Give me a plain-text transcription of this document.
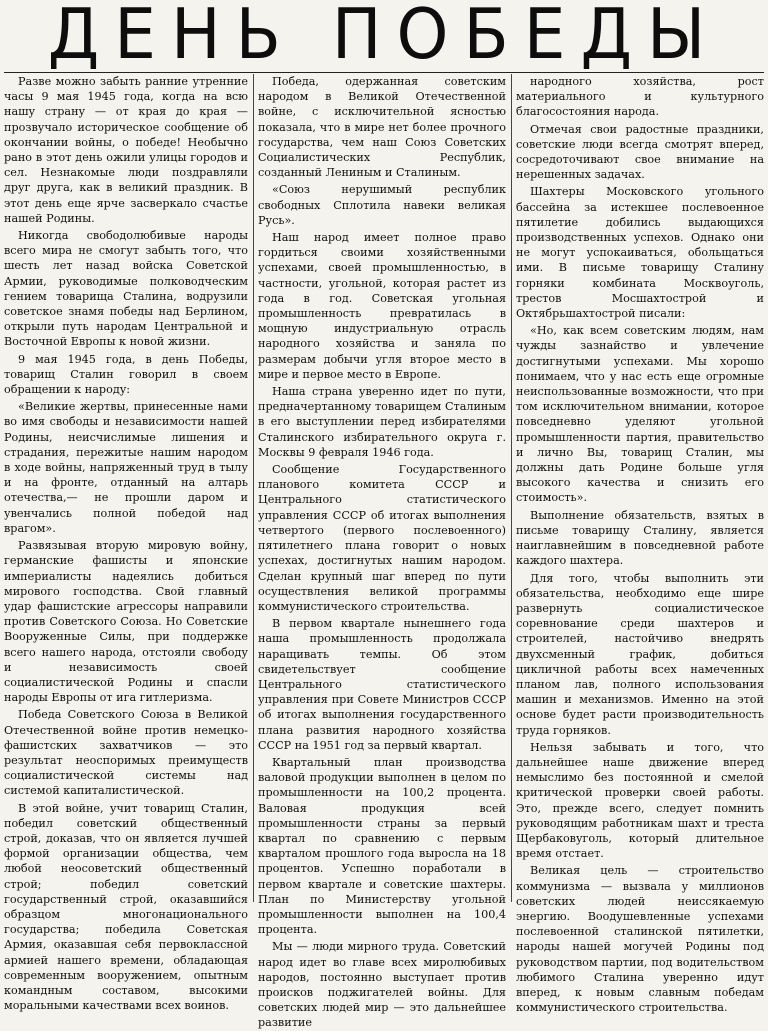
ДЕНЬ ПОБЕДЫ

Разве можно забыть ранние утренние часы 9 мая 1945 года, когда на всю нашу страну — от края до края — прозвучало историческое сообщение об окончании войны, о победе! Необычно рано в этот день ожили улицы городов и сел. Незнакомые люди поздравляли друг друга, как в великий праздник. В этот день еще ярче засверкало счастье нашей Родины.

Никогда свободолюбивые народы всего мира не смогут забыть того, что шесть лет назад войска Советской Армии, руководимые полководческим гением товарища Сталина, водрузили советское знамя победы над Берлином, открыли путь народам Центральной и Восточной Европы к новой жизни.

9 мая 1945 года, в день Победы, товарищ Сталин говорил в своем обращении к народу:

«Великие жертвы, принесенные нами во имя свободы и независимости нашей Родины, неисчислимые лишения и страдания, пережитые нашим народом в ходе войны, напряженный труд в тылу и на фронте, отданный на алтарь отечества,— не прошли даром и увенчались полной победой над врагом».

Развязывая вторую мировую войну, германские фашисты и японские империалисты надеялись добиться мирового господства. Свой главный удар фашистские агрессоры направили против Советского Союза. Но Советские Вооруженные Силы, при поддержке всего нашего народа, отстояли свободу и независимость своей социалистической Родины и спасли народы Европы от ига гитлеризма.

Победа Советского Союза в Великой Отечественной войне против немецко-фашистских захватчиков — это результат неоспоримых преимуществ социалистической системы над системой капиталистической.

В этой войне, учит товарищ Сталин, победил советский общественный строй, доказав, что он является лучшей формой организации общества, чем любой неосоветский общественный строй; победил советский государственный строй, оказавшийся образцом многонационального государства; победила Советская Армия, оказавшая себя первоклассной армией нашего времени, обладающая современным вооружением, опытным командным составом, высокими моральными качествами всех воинов.

Победа, одержанная советским народом в Великой Отечественной войне, с исключительной ясностью показала, что в мире нет более прочного государства, чем наш Союз Советских Социалистических Республик, созданный Лениным и Сталиным.

«Союз нерушимый республик свободных Сплотила навеки великая Русь».

Наш народ имеет полное право гордиться своими хозяйственными успехами, своей промышленностью, в частности, угольной, которая растет из года в год. Советская угольная промышленность превратилась в мощную индустриальную отрасль народного хозяйства и заняла по размерам добычи угля второе место в мире и первое место в Европе.

Наша страна уверенно идет по пути, предначертанному товарищем Сталиным в его выступлении перед избирателями Сталинского избирательного округа г. Москвы 9 февраля 1946 года.

Сообщение Государственного планового комитета СССР и Центрального статистического управления СССР об итогах выполнения четвертого (первого послевоенного) пятилетнего плана говорит о новых успехах, достигнутых нашим народом. Сделан крупный шаг вперед по пути осуществления великой программы коммунистического строительства.

В первом квартале нынешнего года наша промышленность продолжала наращивать темпы. Об этом свидетельствует сообщение Центрального статистического управления при Совете Министров СССР об итогах выполнения государственного плана развития народного хозяйства СССР на 1951 год за первый квартал.

Квартальный план производства валовой продукции выполнен в целом по промышленности на 100,2 процента. Валовая продукция всей промышленности страны за первый квартал по сравнению с первым кварталом прошлого года выросла на 18 процентов. Успешно поработали в первом квартале и советские шахтеры. План по Министерству угольной промышленности выполнен на 100,4 процента.

Мы — люди мирного труда. Советский народ идет во главе всех миролюбивых народов, постоянно выступает против происков поджигателей войны. Для советских людей мир — это дальнейшее развитие

народного хозяйства, рост материального и культурного благосостояния народа.

Отмечая свои радостные праздники, советские люди всегда смотрят вперед, сосредоточивают свое внимание на нерешенных задачах.

Шахтеры Московского угольного бассейна за истекшее послевоенное пятилетие добились выдающихся производственных успехов. Однако они не могут успокаиваться, обольщаться ими. В письме товарищу Сталину горняки комбината Москвоуголь, трестов Мосшахтострой и Октябрьшахтострой писали:

«Но, как всем советским людям, нам чужды зазнайство и увлечение достигнутыми успехами. Мы хорошо понимаем, что у нас есть еще огромные неиспользованные возможности, что при том исключительном внимании, которое повседневно уделяют угольной промышленности партия, правительство и лично Вы, товарищ Сталин, мы должны дать Родине больше угля высокого качества и снизить его стоимость».

Выполнение обязательств, взятых в письме товарищу Сталину, является наиглавнейшим в повседневной работе каждого шахтера.

Для того, чтобы выполнить эти обязательства, необходимо еще шире развернуть социалистическое соревнование среди шахтеров и строителей, настойчиво внедрять двухсменный график, добиться цикличной работы всех намеченных планом лав, полного использования машин и механизмов. Именно на этой основе будет расти производительность труда горняков.

Нельзя забывать и того, что дальнейшее наше движение вперед немыслимо без постоянной и смелой критической проверки своей работы. Это, прежде всего, следует помнить руководящим работникам шахт и треста Щербаковуголь, который длительное время отстает.

Великая цель — строительство коммунизма — вызвала у миллионов советских людей неиссякаемую энергию. Воодушевленные успехами послевоенной сталинской пятилетки, народы нашей могучей Родины под руководством партии, под водительством любимого Сталина уверенно идут вперед, к новым славным победам коммунистического строительства.
